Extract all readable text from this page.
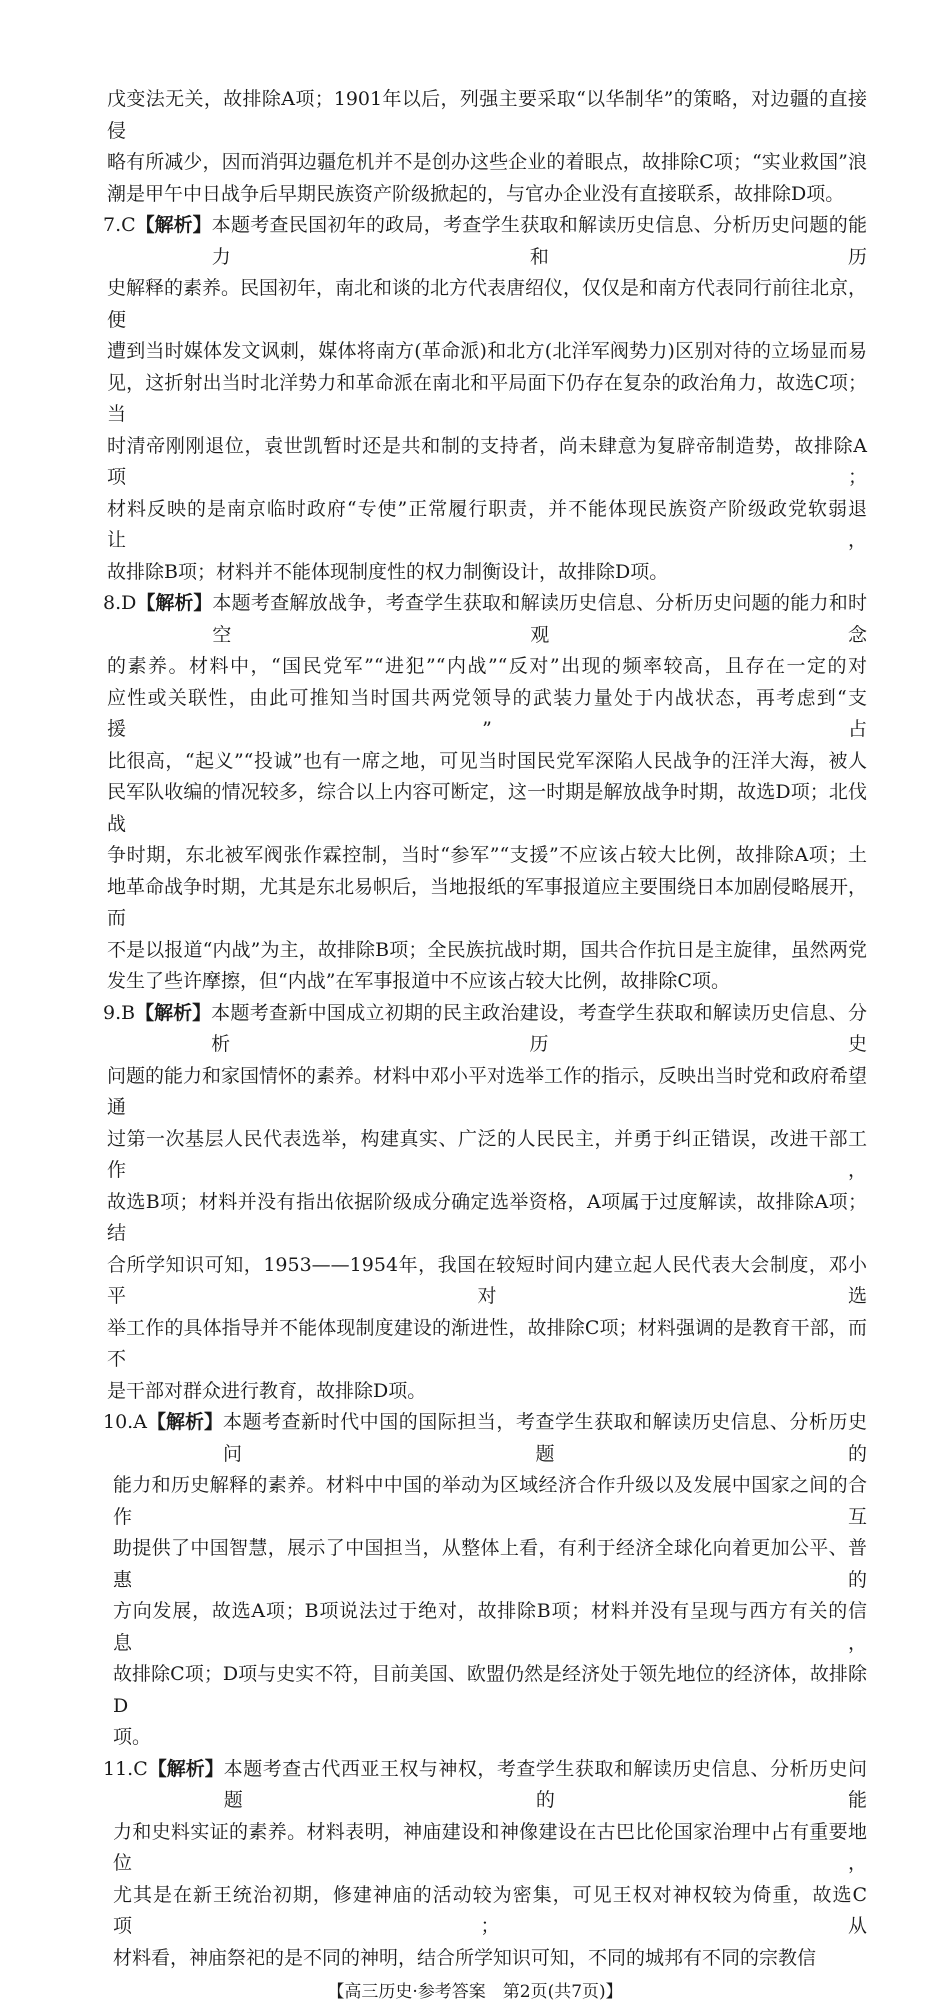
戊变法无关，故排除A项；1901年以后，列强主要采取“以华制华”的策略，对边疆的直接侵
略有所减少，因而消弭边疆危机并不是创办这些企业的着眼点，故排除C项；“实业救国”浪
潮是甲午中日战争后早期民族资产阶级掀起的，与官办企业没有直接联系，故排除D项。
7.C 【解析】 本题考查民国初年的政局，考查学生获取和解读历史信息、分析历史问题的能力和历
史解释的素养。民国初年，南北和谈的北方代表唐绍仪，仅仅是和南方代表同行前往北京，便
遭到当时媒体发文讽刺，媒体将南方(革命派)和北方(北洋军阀势力)区别对待的立场显而易
见，这折射出当时北洋势力和革命派在南北和平局面下仍存在复杂的政治角力，故选C项；当
时清帝刚刚退位，袁世凯暂时还是共和制的支持者，尚未肆意为复辟帝制造势，故排除A项；
材料反映的是南京临时政府“专使”正常履行职责，并不能体现民族资产阶级政党软弱退让，
故排除B项；材料并不能体现制度性的权力制衡设计，故排除D项。
8.D 【解析】 本题考查解放战争，考查学生获取和解读历史信息、分析历史问题的能力和时空观念
的素养。材料中，“国民党军”“进犯”“内战”“反对”出现的频率较高，且存在一定的对
应性或关联性，由此可推知当时国共两党领导的武装力量处于内战状态，再考虑到“支援”占
比很高，“起义”“投诚”也有一席之地，可见当时国民党军深陷人民战争的汪洋大海，被人
民军队收编的情况较多，综合以上内容可断定，这一时期是解放战争时期，故选D项；北伐战
争时期，东北被军阀张作霖控制，当时“参军”“支援”不应该占较大比例，故排除A项；土
地革命战争时期，尤其是东北易帜后，当地报纸的军事报道应主要围绕日本加剧侵略展开，而
不是以报道“内战”为主，故排除B项；全民族抗战时期，国共合作抗日是主旋律，虽然两党
发生了些许摩擦，但“内战”在军事报道中不应该占较大比例，故排除C项。
9.B 【解析】 本题考查新中国成立初期的民主政治建设，考查学生获取和解读历史信息、分析历史
问题的能力和家国情怀的素养。材料中邓小平对选举工作的指示，反映出当时党和政府希望通
过第一次基层人民代表选举，构建真实、广泛的人民民主，并勇于纠正错误，改进干部工作，
故选B项；材料并没有指出依据阶级成分确定选举资格，A项属于过度解读，故排除A项；结
合所学知识可知，1953——1954年，我国在较短时间内建立起人民代表大会制度，邓小平对选
举工作的具体指导并不能体现制度建设的渐进性，故排除C项；材料强调的是教育干部，而不
是干部对群众进行教育，故排除D项。
10.A 【解析】 本题考查新时代中国的国际担当，考查学生获取和解读历史信息、分析历史问题的
能力和历史解释的素养。材料中中国的举动为区域经济合作升级以及发展中国家之间的合作互
助提供了中国智慧，展示了中国担当，从整体上看，有利于经济全球化向着更加公平、普惠的
方向发展，故选A项；B项说法过于绝对，故排除B项；材料并没有呈现与西方有关的信息，
故排除C项；D项与史实不符，目前美国、欧盟仍然是经济处于领先地位的经济体，故排除 D
项。
11.C 【解析】 本题考查古代西亚王权与神权，考查学生获取和解读历史信息、分析历史问题的能
力和史料实证的素养。材料表明，神庙建设和神像建设在古巴比伦国家治理中占有重要地位，
尤其是在新王统治初期，修建神庙的活动较为密集，可见王权对神权较为倚重，故选C项；从
材料看，神庙祭祀的是不同的神明，结合所学知识可知，不同的城邦有不同的宗教信
【高三历史·参考答案　第2页(共7页)】
